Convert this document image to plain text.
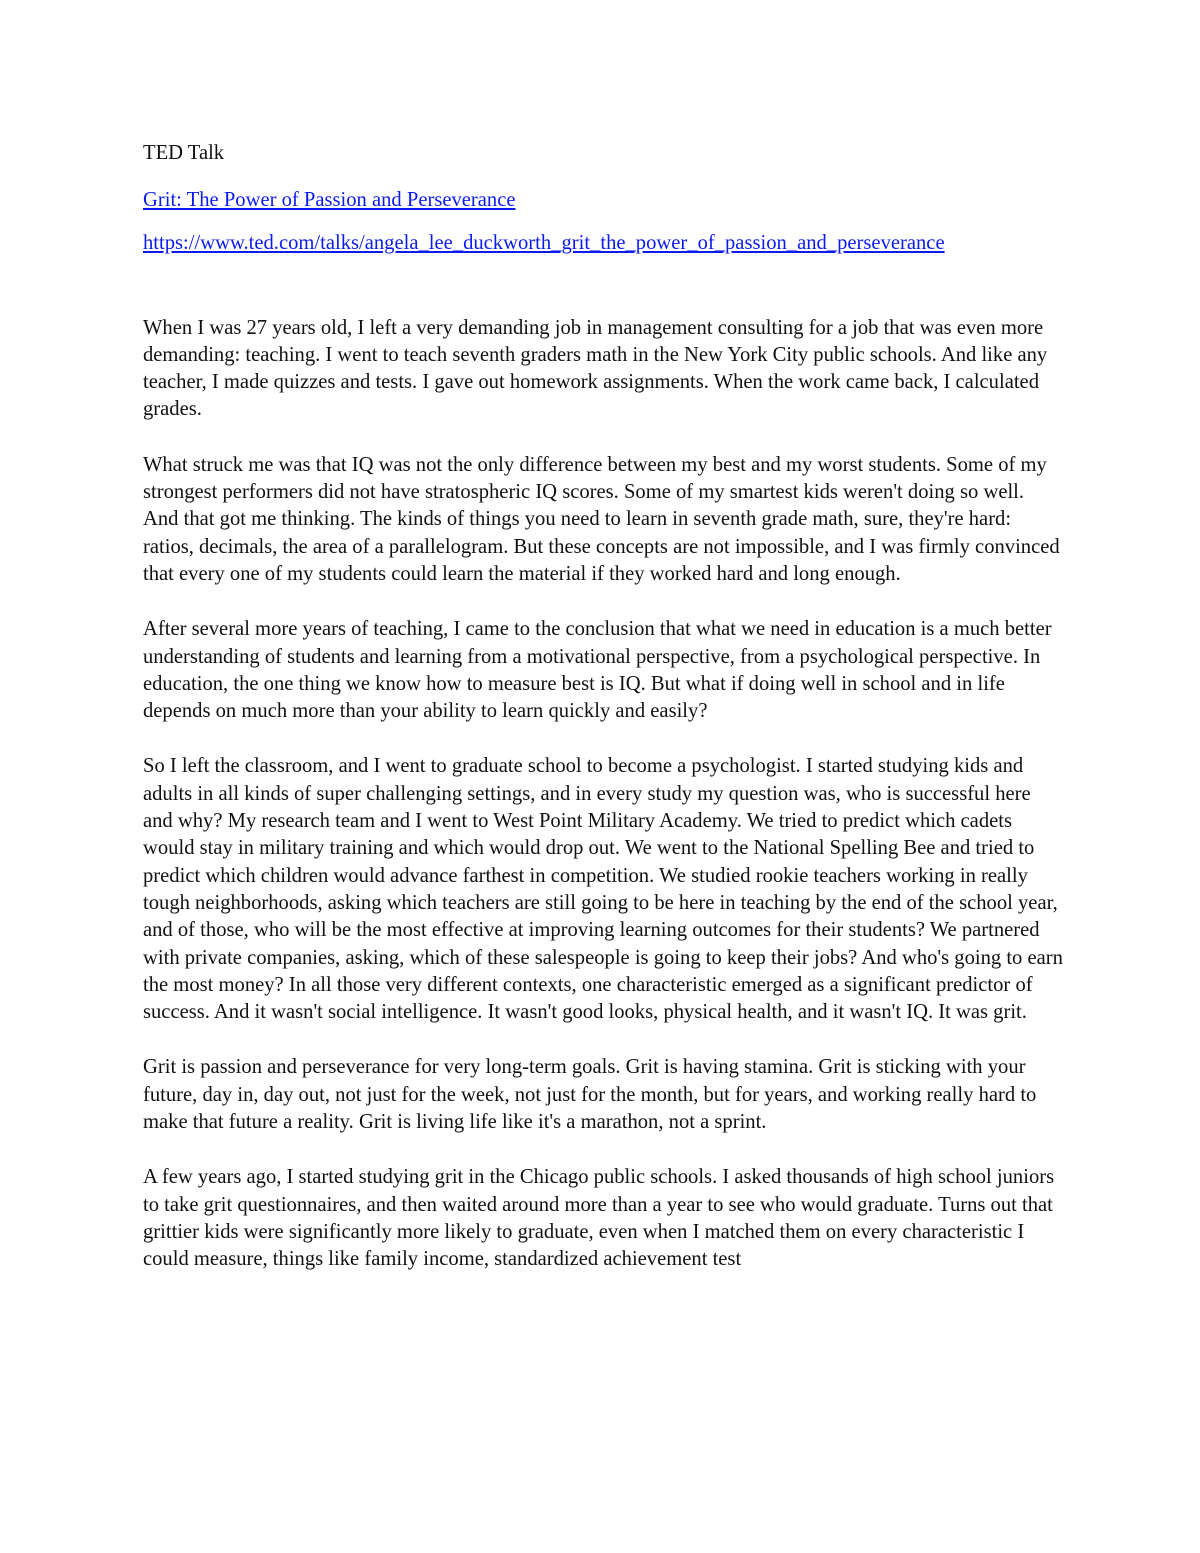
TED Talk

Grit: The Power of Passion and Perseverance
https://www.ted.com/talks/angela_lee_duckworth_grit_the_power_of_passion_and_perseverance

When I was 27 years old, I left a very demanding job in management consulting for a job that was even more demanding: teaching. I went to teach seventh graders math in the New York City public schools. And like any teacher, I made quizzes and tests. I gave out homework assignments. When the work came back, I calculated grades.

What struck me was that IQ was not the only difference between my best and my worst students. Some of my strongest performers did not have stratospheric IQ scores. Some of my smartest kids weren't doing so well. And that got me thinking. The kinds of things you need to learn in seventh grade math, sure, they're hard: ratios, decimals, the area of a parallelogram. But these concepts are not impossible, and I was firmly convinced that every one of my students could learn the material if they worked hard and long enough.

After several more years of teaching, I came to the conclusion that what we need in education is a much better understanding of students and learning from a motivational perspective, from a psychological perspective. In education, the one thing we know how to measure best is IQ. But what if doing well in school and in life depends on much more than your ability to learn quickly and easily?

So I left the classroom, and I went to graduate school to become a psychologist. I started studying kids and adults in all kinds of super challenging settings, and in every study my question was, who is successful here and why? My research team and I went to West Point Military Academy. We tried to predict which cadets would stay in military training and which would drop out. We went to the National Spelling Bee and tried to predict which children would advance farthest in competition. We studied rookie teachers working in really tough neighborhoods, asking which teachers are still going to be here in teaching by the end of the school year, and of those, who will be the most effective at improving learning outcomes for their students? We partnered with private companies, asking, which of these salespeople is going to keep their jobs? And who's going to earn the most money? In all those very different contexts, one characteristic emerged as a significant predictor of success. And it wasn't social intelligence. It wasn't good looks, physical health, and it wasn't IQ. It was grit.

Grit is passion and perseverance for very long-term goals. Grit is having stamina. Grit is sticking with your future, day in, day out, not just for the week, not just for the month, but for years, and working really hard to make that future a reality. Grit is living life like it's a marathon, not a sprint.

A few years ago, I started studying grit in the Chicago public schools. I asked thousands of high school juniors to take grit questionnaires, and then waited around more than a year to see who would graduate. Turns out that grittier kids were significantly more likely to graduate, even when I matched them on every characteristic I could measure, things like family income, standardized achievement test
